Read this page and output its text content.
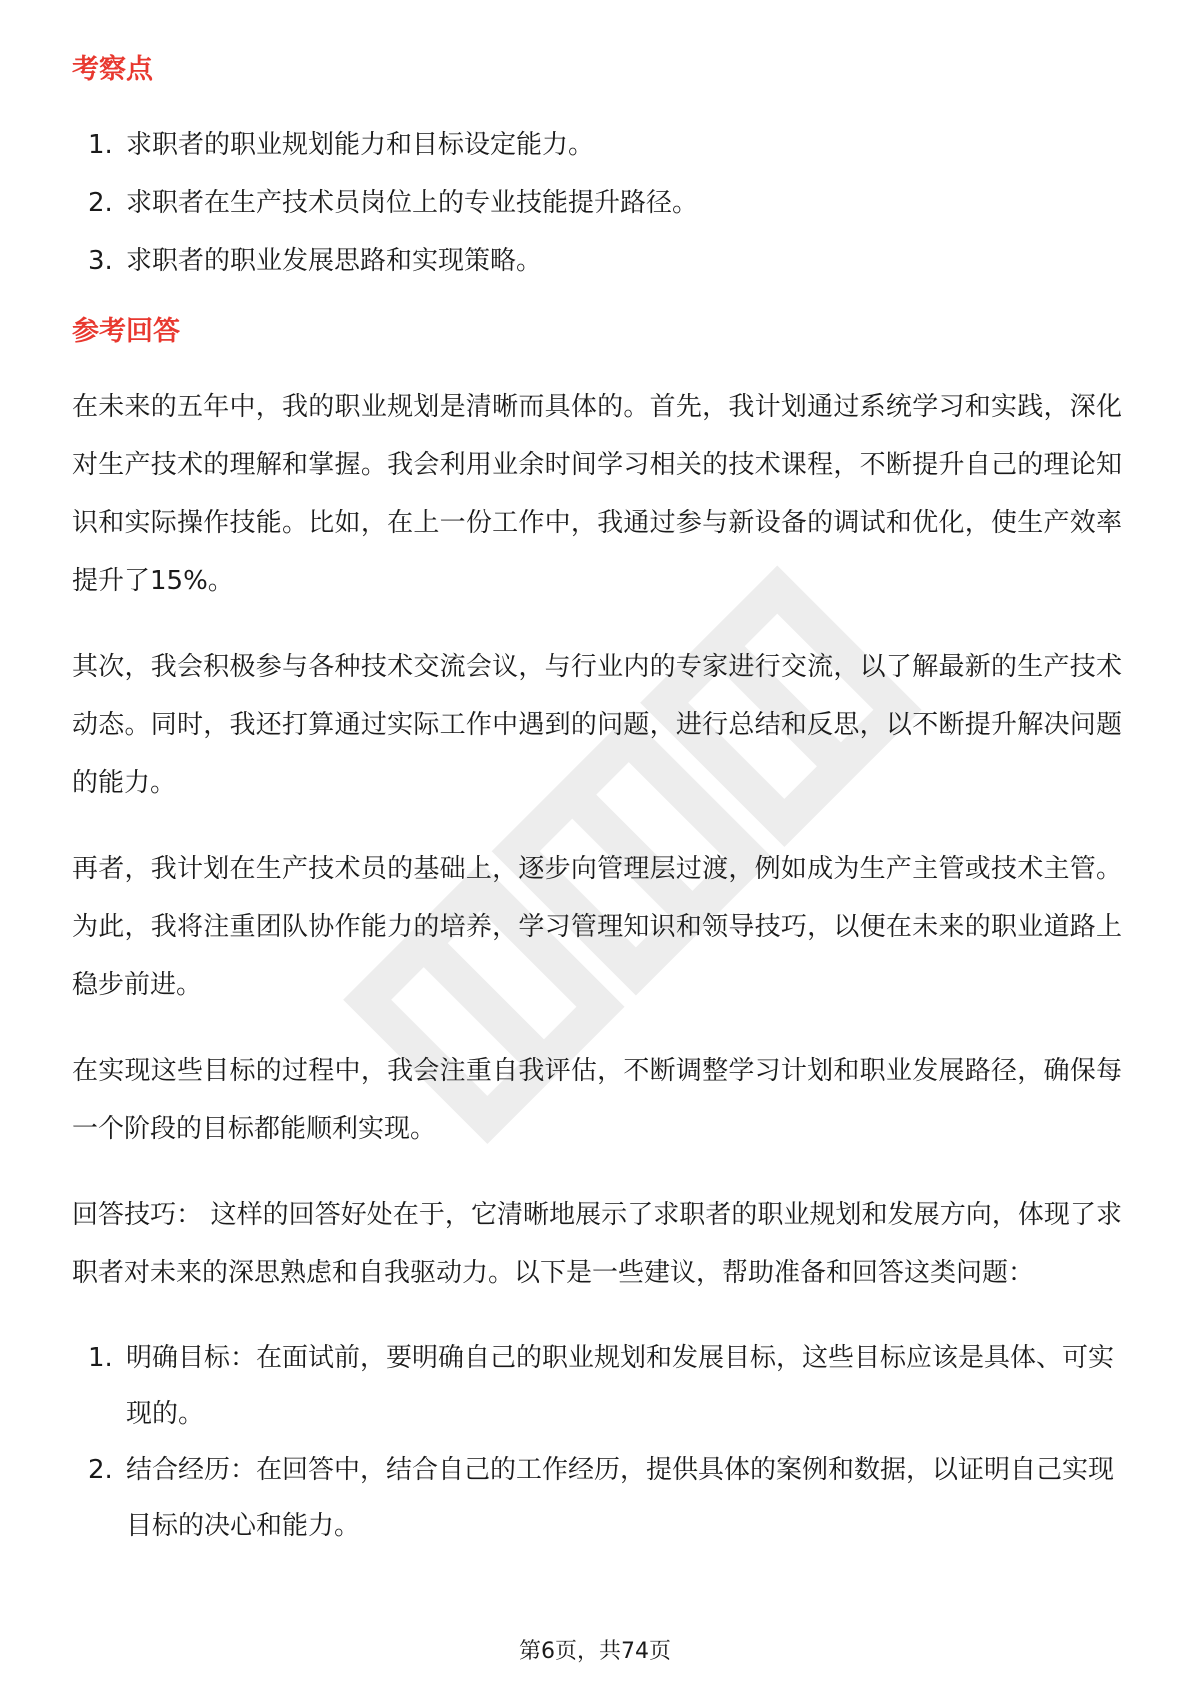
考察点
1. 求职者的职业规划能力和目标设定能力。
2. 求职者在生产技术员岗位上的专业技能提升路径。
3. 求职者的职业发展思路和实现策略。
参考回答

在未来的五年中，我的职业规划是清晰而具体的。首先，我计划通过系统学习和实践，深化对生产技术的理解和掌握。我会利用业余时间学习相关的技术课程，不断提升自己的理论知识和实际操作技能。比如，在上一份工作中，我通过参与新设备的调试和优化，使生产效率提升了15%。

其次，我会积极参与各种技术交流会议，与行业内的专家进行交流，以了解最新的生产技术动态。同时，我还打算通过实际工作中遇到的问题，进行总结和反思，以不断提升解决问题的能力。

再者，我计划在生产技术员的基础上，逐步向管理层过渡，例如成为生产主管或技术主管。为此，我将注重团队协作能力的培养，学习管理知识和领导技巧，以便在未来的职业道路上稳步前进。

在实现这些目标的过程中，我会注重自我评估，不断调整学习计划和职业发展路径，确保每一个阶段的目标都能顺利实现。

回答技巧： 这样的回答好处在于，它清晰地展示了求职者的职业规划和发展方向，体现了求职者对未来的深思熟虑和自我驱动力。以下是一些建议，帮助准备和回答这类问题：

1. 明确目标：在面试前，要明确自己的职业规划和发展目标，这些目标应该是具体、可实现的。
2. 结合经历：在回答中，结合自己的工作经历，提供具体的案例和数据，以证明自己实现目标的决心和能力。
第6页，共74页
